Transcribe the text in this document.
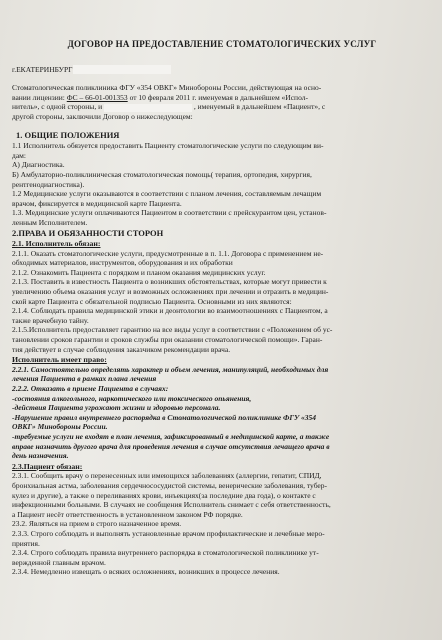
ДОГОВОР НА ПРЕДОСТАВЛЕНИЕ СТОМАТОЛОГИЧЕСКИХ УСЛУГ
г.ЕКАТЕРИНБУРГ

Стоматологическая поликлиника ФГУ «354 ОВКГ» Минобороны России, действующая на осно-

вании лицензии: ФС – 66-01-001353 от 10 февраля 2011 г. именуемая в дальнейшем «Испол-

нитель», с одной стороны, и	, именуемый в дальнейшем «Пациент», с

другой стороны, заключили Договор о нижеследующем:

1. ОБЩИЕ ПОЛОЖЕНИЯ
1.1 Исполнитель обязуется предоставить Пациенту стоматологические услуги по следующим ви-
дам:
А) Диагностика.
Б) Амбулаторно-поликлиническая стоматологическая помощь( терапия, ортопедия, хирургия,
рентгенодиагностика).
1.2 Медицинские услуги оказываются в соответствии с планом лечения, составляемым лечащим
врачом, фиксируется в медицинской карте Пациента.
1.3. Медицинские услуги оплачиваются Пациентом в соответствии с прейскурантом цен, установ-
ленным Исполнителем.
2.ПРАВА И ОБЯЗАННОСТИ СТОРОН
2.1. Исполнитель обязан:
2.1.1. Оказать стоматологические услуги, предусмотренные в п. 1.1. Договора с применением не-
обходимых материалов, инструментов, оборудования и их обработки
2.1.2. Ознакомить Пациента с порядком и планом оказания медицинских услуг.
2.1.3. Поставить в известность Пациента о возникших обстоятельствах, которые могут привести к
увеличению объема оказания услуг и возможных осложнениях при лечении и отразить в медицин-
ской карте Пациента с обязательной подписью Пациента. Основными из них являются:
2.1.4. Соблюдать правила медицинской этики и деонтологии во взаимоотношениях с Пациентом, а
также врачебную тайну.
2.1.5.Исполнитель предоставляет гарантию на все виды услуг в соответствии с «Положением об ус-
тановлении сроков гарантии и сроков службы при оказании стоматологической помощи». Гаран-
тия действует в случае соблюдения заказчиком рекомендации врача.
Исполнитель имеет право:
2.2.1. Самостоятельно определять характер и объем лечения, манипуляций, необходимых для
лечения Пациента в рамках плана лечения
2.2.2. Отказать в приеме Пациента в случаях:
-состояния алкогольного, наркотического или токсического опьянения,
-действия Пациента угрожают жизни и здоровью персонала.
-Нарушение правил внутреннего распорядка в Стоматологической поликлинике ФГУ «354
ОВКГ» Минобороны России.
-требуемые услуги не входят в план лечения, зафиксированный в медицинской карте, а также
вправе назначить другого врача для проведения лечения в случае отсутствия лечащего врача в
день назначения.
2.3.Пациент обязан:
2.3.1. Сообщить врачу о перенесенных или имеющихся заболеваниях (аллергии, гепатит, СПИД,
бронхиальная астма, заболевания сердечнососудистой системы, венерические заболевания, тубер-
кулез и другие), а также о переливаниях крови, инъекциях(за последние два года), о контакте с
инфекционными больными. В случаях не сообщения Исполнитель снимает с себя ответственность,
а Пациент несёт ответственность в установленном законом РФ порядке.
23.2. Являться на прием в строго назначенное время.
2.3.3. Строго соблюдать и выполнять установленные врачом профилактические и лечебные меро-
приятия.
2.3.4. Строго соблюдать правила внутреннего распорядка в стоматологической поликлинике ут-
вержденной главным врачом.
2.3.4. Немедленно извещать о всяких осложнениях, возникших в процессе лечения.
